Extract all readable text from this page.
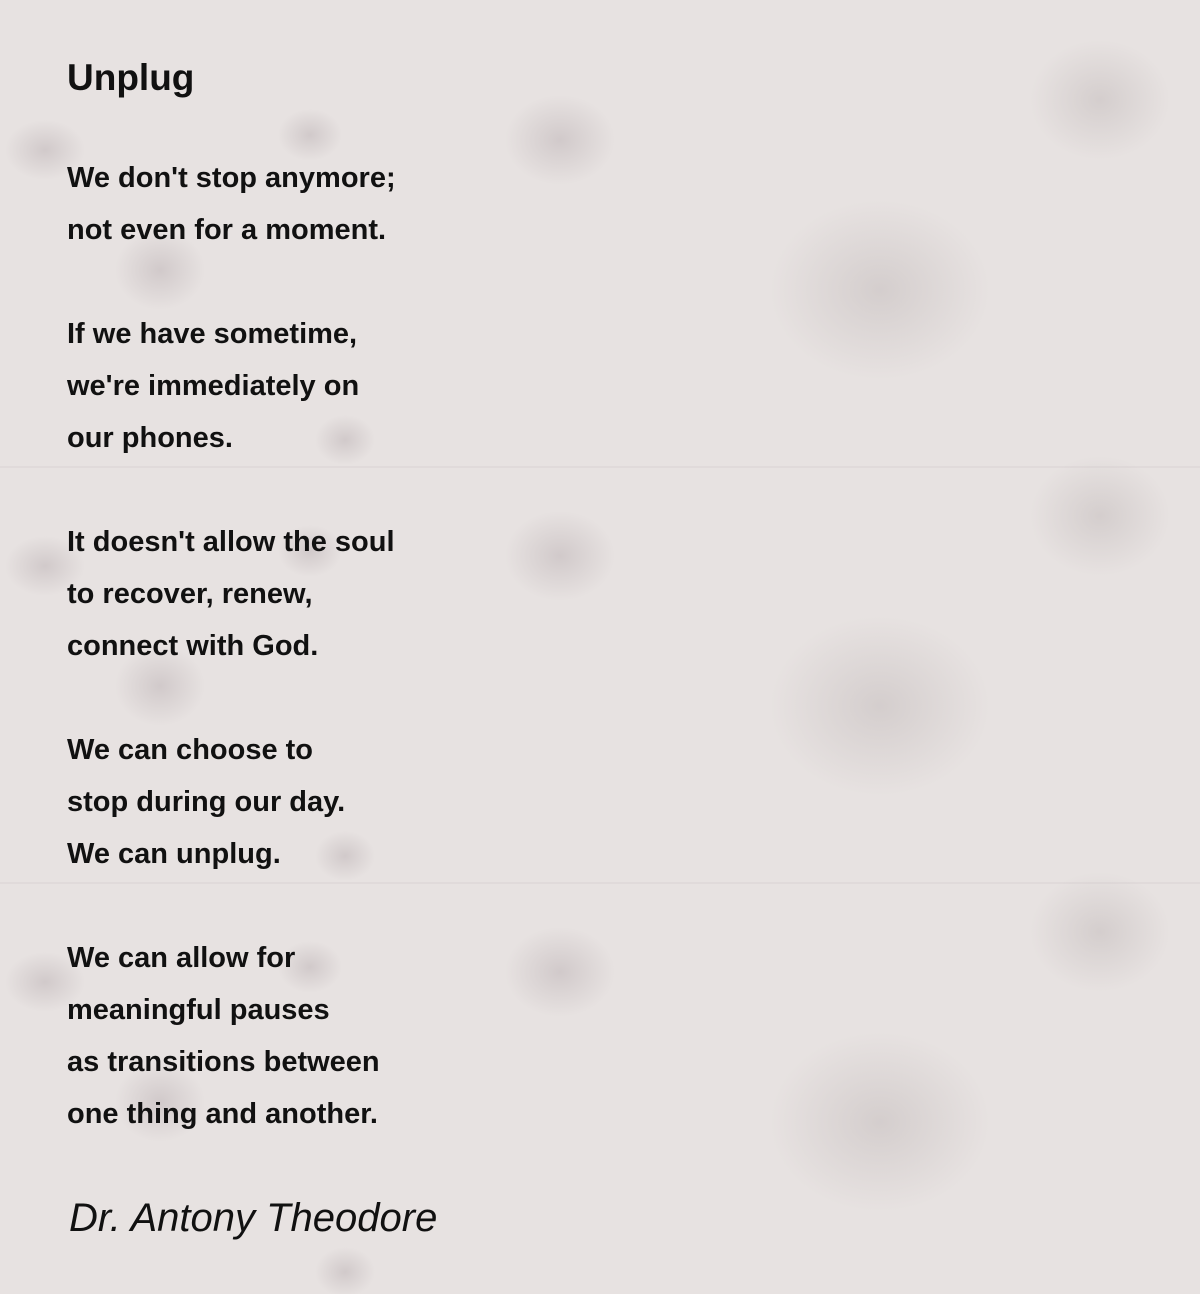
Unplug
We don't stop anymore;
not even for a moment.
If we have sometime,
we're immediately on
our phones.
It doesn't allow the soul
to recover, renew,
connect with God.
We can choose to
stop during our day.
We can unplug.
We can allow for
meaningful pauses
as transitions between
one thing and another.

Dr. Antony Theodore
